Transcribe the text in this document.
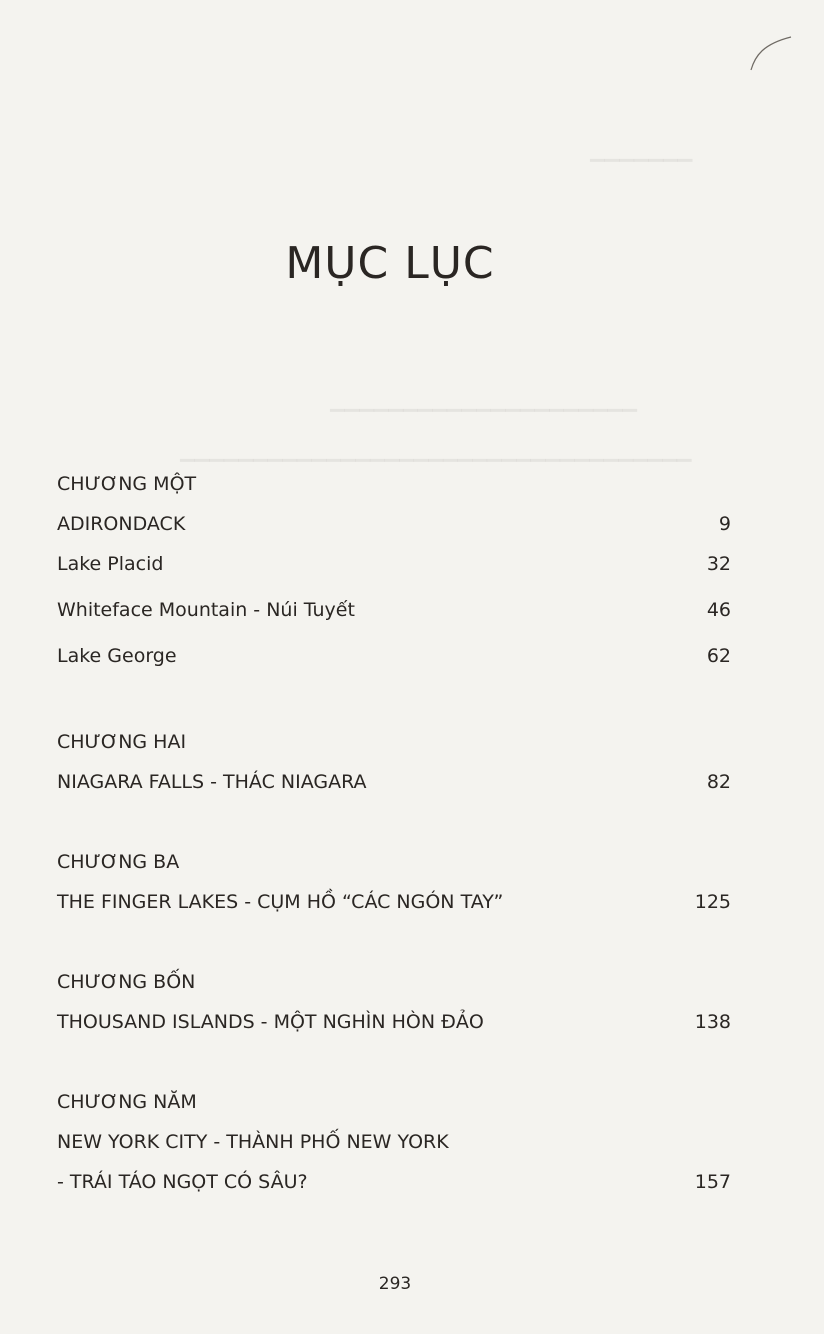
▁▁▁▁▁▁▁
▁▁▁▁▁▁▁▁▁▁▁▁▁▁▁▁▁▁▁▁▁
▁▁▁▁▁▁▁▁▁▁▁▁▁▁▁▁▁▁▁▁▁▁▁▁▁▁▁▁▁▁▁▁▁▁▁
MỤC LỤC
CHƯƠNG MỘT
ADIRONDACK	9
Lake Placid	32
Whiteface Mountain - Núi Tuyết	46
Lake George	62
CHƯƠNG HAI
NIAGARA FALLS - THÁC NIAGARA	82
CHƯƠNG BA
THE FINGER LAKES - CỤM HỒ “CÁC NGÓN TAY”	125
CHƯƠNG BỐN
THOUSAND ISLANDS - MỘT NGHÌN HÒN ĐẢO	138
CHƯƠNG NĂM
NEW YORK CITY - THÀNH PHỐ NEW YORK
- TRÁI TÁO NGỌT CÓ SÂU?	157
293
